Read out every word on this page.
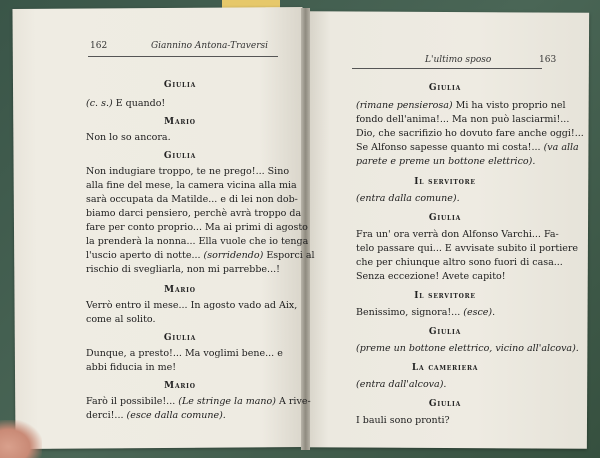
162	Giannino Antona-Traversi
L'ultimo sposo	163
Giulia
(c. s.) E quando!
Mario
Non lo so ancora.
Giulia
Non indugiare troppo, te ne prego!... Sino
alla fine del mese, la camera vicina alla mia
sarà occupata da Matilde... e di lei non dob-
biamo darci pensiero, perchè avrà troppo da
fare per conto proprio... Ma ai primi di agosto
la prenderà la nonna... Ella vuole che io tenga
l'uscio aperto di notte... (sorridendo) Esporci al
rischio di svegliarla, non mi parrebbe...!
Mario
Verrò entro il mese... In agosto vado ad Aix,
come al solito.
Giulia
Dunque, a presto!... Ma voglimi bene... e
abbi fiducia in me!
Mario
Farò il possibile!... (Le stringe la mano) A rive-
derci!... (esce dalla comune).
Giulia
(rimane pensierosa) Mi ha visto proprio nel
fondo dell'anima!... Ma non può lasciarmi!...
Dio, che sacrifizio ho dovuto fare anche oggi!...
Se Alfonso sapesse quanto mi costa!... (va alla
parete e preme un bottone elettrico).
Il servitore
(entra dalla comune).
Giulia
Fra un' ora verrà don Alfonso Varchi... Fa-
telo passare qui... E avvisate subito il portiere
che per chiunque altro sono fuori di casa...
Senza eccezione! Avete capito!
Il servitore
Benissimo, signora!... (esce).
Giulia
(preme un bottone elettrico, vicino all'alcova).
La cameriera
(entra dall'alcova).
Giulia
I bauli sono pronti?
